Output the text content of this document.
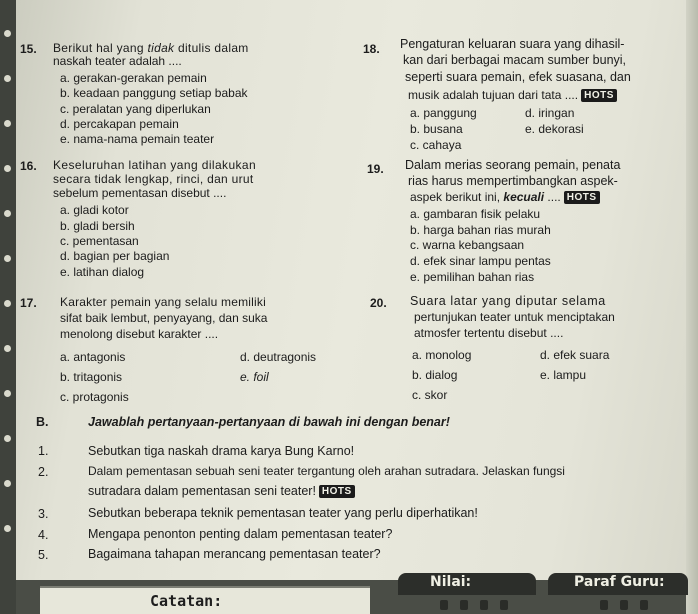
15. Berikut hal yang tidak ditulis dalam
naskah teater adalah ....
a. gerakan-gerakan pemain
b. keadaan panggung setiap babak
c. peralatan yang diperlukan
d. percakapan pemain
e. nama-nama pemain teater
16. Keseluruhan latihan yang dilakukan
secara tidak lengkap, rinci, dan urut
sebelum pementasan disebut ....
a. gladi kotor
b. gladi bersih
c. pementasan
d. bagian per bagian
e. latihan dialog
17. Karakter pemain yang selalu memiliki
sifat baik lembut, penyayang, dan suka
menolong disebut karakter ....
a. antagonis	d. deutragonis
b. tritagonis	e. foil
c. protagonis
18. Pengaturan keluaran suara yang dihasil-
kan dari berbagai macam sumber bunyi,
seperti suara pemain, efek suasana, dan
musik adalah tujuan dari tata .... HOTS
a. panggung	d. iringan
b. busana	e. dekorasi
c. cahaya
19. Dalam merias seorang pemain, penata
rias harus mempertimbangkan aspek-
aspek berikut ini, kecuali .... HOTS
a. gambaran fisik pelaku
b. harga bahan rias murah
c. warna kebangsaan
d. efek sinar lampu pentas
e. pemilihan bahan rias
20. Suara latar yang diputar selama
pertunjukan teater untuk menciptakan
atmosfer tertentu disebut ....
a. monolog	d. efek suara
b. dialog	e. lampu
c. skor
B.	Jawablah pertanyaan-pertanyaan di bawah ini dengan benar!
1.	Sebutkan tiga naskah drama karya Bung Karno!
2.	Dalam pementasan sebuah seni teater tergantung oleh arahan sutradara. Jelaskan fungsi
sutradara dalam pementasan seni teater! HOTS
3.	Sebutkan beberapa teknik pementasan teater yang perlu diperhatikan!
4.	Mengapa penonton penting dalam pementasan teater?
5.	Bagaimana tahapan merancang pementasan teater?
Catatan:
Nilai:	Paraf Guru:
